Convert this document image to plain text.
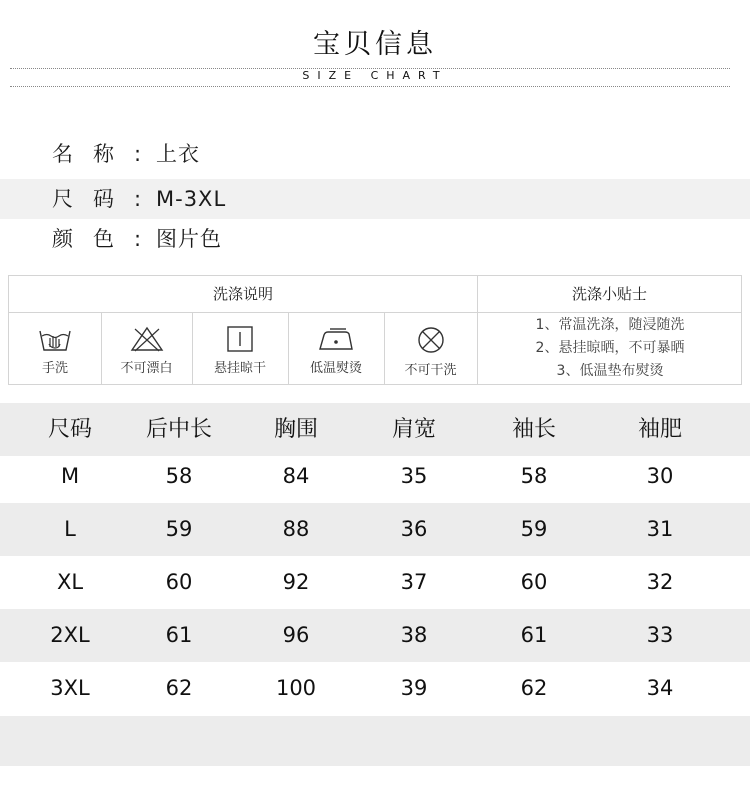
宝贝信息
SIZE CHART
名称:
上衣
尺码:
M-3XL
颜色:
图片色
洗涤说明	洗涤小贴士
手洗	不可漂白	悬挂晾干	低温熨烫	不可干洗
1、常温洗涤，随浸随洗
2、悬挂晾晒，不可暴晒
3、低温垫布熨烫
尺码 后中长	胸围	肩宽	袖长	袖肥
M	58	84	35	58	30
L	59	88	36	59	31
XL	60	92	37	60	32
2XL	61	96	38	61	33
3XL	62	100	39	62	34
